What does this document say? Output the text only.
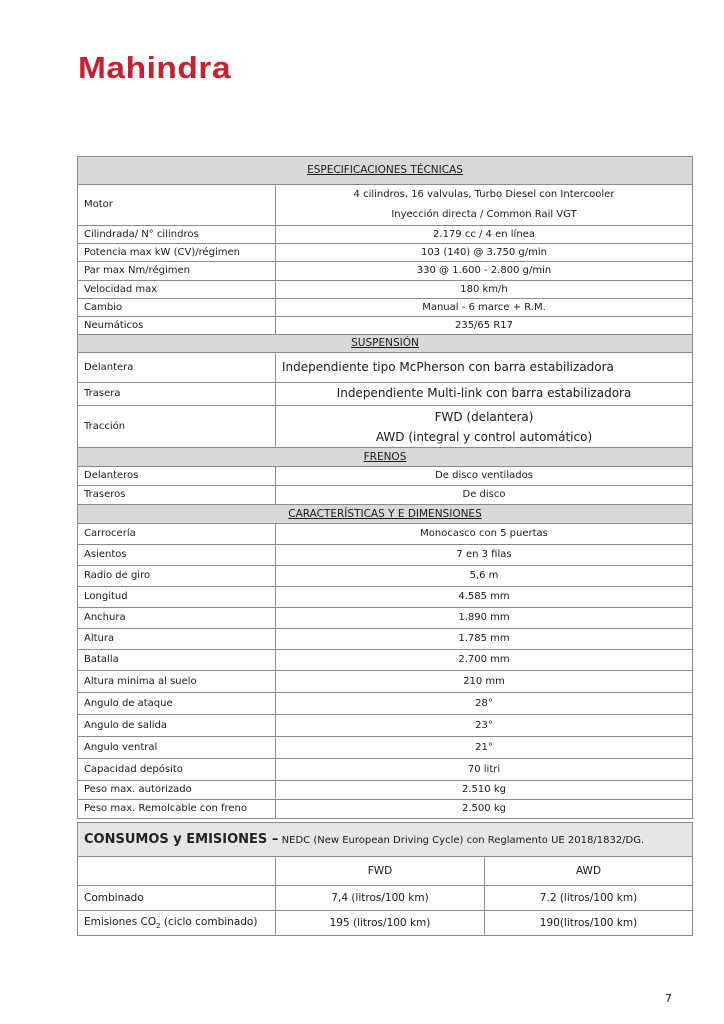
Mahindra
ESPECIFICACIONES TÉCNICAS	
Motor	4 cilindros, 16 valvulas, Turbo Diesel con Intercooler
Inyección directa / Common Rail VGT

Cilindrada/ N° cilindros	2.179 cc / 4 en línea
Potencia max kW (CV)/régimen	103 (140) @ 3.750 g/min
Par max Nm/régimen	330 @ 1.600 - 2.800 g/min
Velocidad max	180 km/h
Cambio	Manual - 6 marce + R.M.
Neumáticos	235/65 R17
SUSPENSIÓN	
Delantera	Independiente tipo McPherson con barra estabilizadora
Trasera	Independiente Multi-link con barra estabilizadora
Tracción	FWD (delantera)
AWD (integral y control automático)

FRENOS	
Delanteros	De disco ventilados
Traseros	De disco
CARACTERÍSTICAS Y E DIMENSIONES	
Carrocería	Monocasco con 5 puertas
Asientos	7 en 3 filas
Radio de giro	5,6 m
Longitud	4.585 mm
Anchura	1.890 mm
Altura	1.785 mm
Batalla	2.700 mm
Altura minima al suelo	210 mm
Angulo de ataque	28°
Angulo de salida	23°
Angulo ventral	21°
Capacidad depósito	70 litri
Peso max. autorizado	2.510 kg
Peso max. Remolcable con freno	2.500 kg
CONSUMOS y EMISIONES – NEDC (New European Driving Cycle) con Reglamento UE 2018/1832/DG.		
	FWD	AWD
Combinado	7,4 (litros/100 km)	7.2 (litros/100 km)
Emisiones $CO_2$ (ciclo combinado)	195 (litros/100 km)	190(litros/100 km)
7
